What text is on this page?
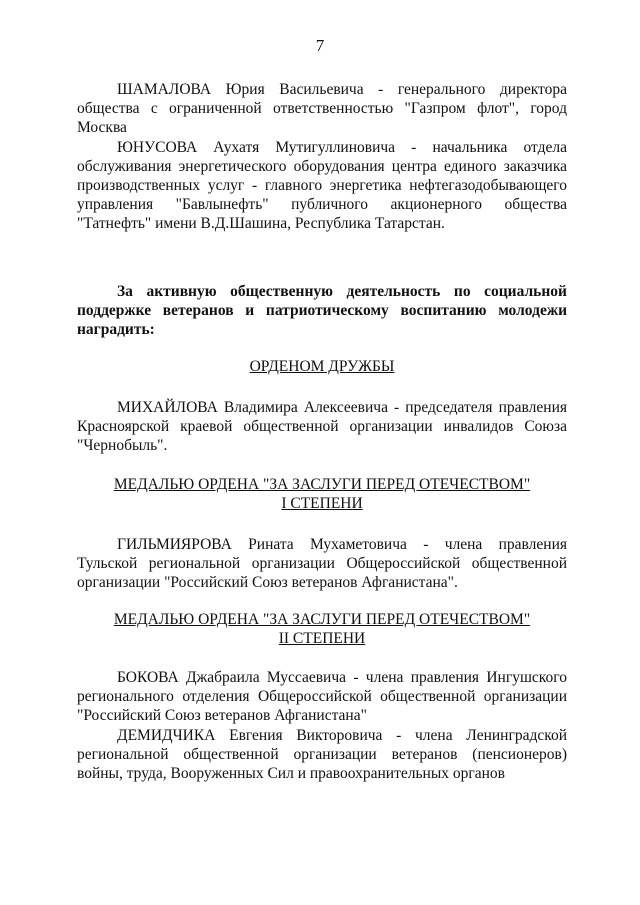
7

ШАМАЛОВА Юрия Васильевича - генерального директора общества с ограниченной ответственностью "Газпром флот", город Москва

ЮНУСОВА Аухатя Мутигуллиновича - начальника отдела обслуживания энергетического оборудования центра единого заказчика производственных услуг - главного энергетика нефтегазодобывающего управления "Бавлынефть" публичного акционерного общества "Татнефть" имени В.Д.Шашина, Республика Татарстан.

За активную общественную деятельность по социальной поддержке ветеранов и патриотическому воспитанию молодежи наградить:
ОРДЕНОМ ДРУЖБЫ

МИХАЙЛОВА Владимира Алексеевича - председателя правления Красноярской краевой общественной организации инвалидов Союза "Чернобыль".

МЕДАЛЬЮ ОРДЕНА "ЗА ЗАСЛУГИ ПЕРЕД ОТЕЧЕСТВОМ"
I СТЕПЕНИ

ГИЛЬМИЯРОВА Рината Мухаметовича - члена правления Тульской региональной организации Общероссийской общественной организации "Российский Союз ветеранов Афганистана".

МЕДАЛЬЮ ОРДЕНА "ЗА ЗАСЛУГИ ПЕРЕД ОТЕЧЕСТВОМ"
II СТЕПЕНИ

БОКОВА Джабраила Муссаевича - члена правления Ингушского регионального отделения Общероссийской общественной организации "Российский Союз ветеранов Афганистана"

ДЕМИДЧИКА Евгения Викторовича - члена Ленинградской региональной общественной организации ветеранов (пенсионеров) войны, труда, Вооруженных Сил и правоохранительных органов
